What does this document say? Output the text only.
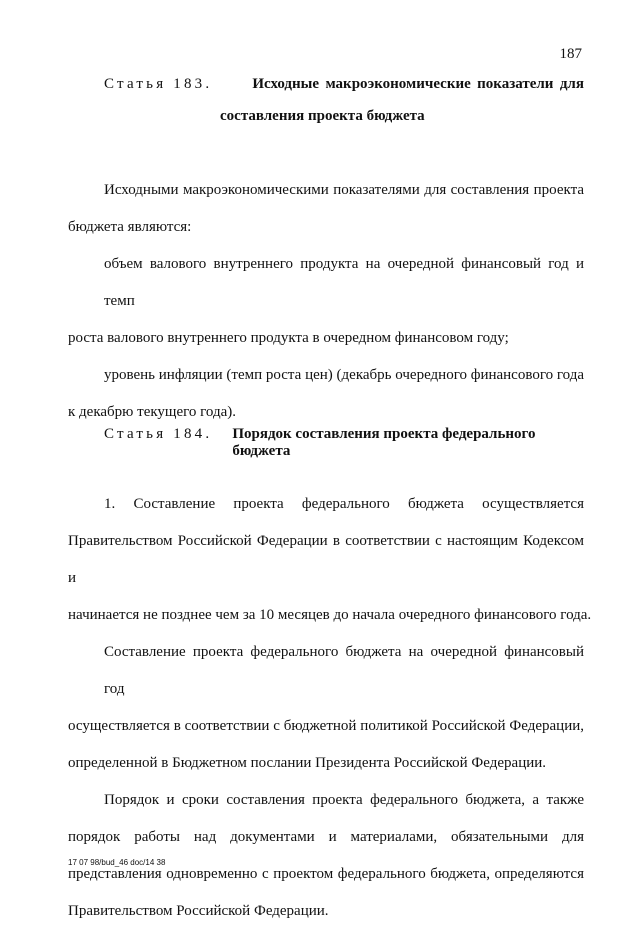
187
Статья 183.	Исходные макроэкономические показатели для
составления проекта бюджета
Исходными макроэкономическими показателями для составления проекта
бюджета являются:
объем валового внутреннего продукта на очередной финансовый год и темп
роста валового внутреннего продукта в очередном финансовом году;
уровень инфляции (темп роста цен) (декабрь очередного финансового года
к декабрю текущего года).
Статья 184. Порядок составления проекта федерального бюджета
1. Составление проекта федерального бюджета осуществляется
Правительством Российской Федерации в соответствии с настоящим Кодексом и
начинается не позднее чем за 10 месяцев до начала очередного финансового года.
Составление проекта федерального бюджета на очередной финансовый год
осуществляется в соответствии с бюджетной политикой Российской Федерации,
определенной в Бюджетном послании Президента Российской Федерации.
Порядок и сроки составления проекта федерального бюджета, а также
порядок работы над документами и материалами, обязательными для
представления одновременно с проектом федерального бюджета, определяются
Правительством Российской Федерации.
17 07 98/bud_46 doc/14 38
